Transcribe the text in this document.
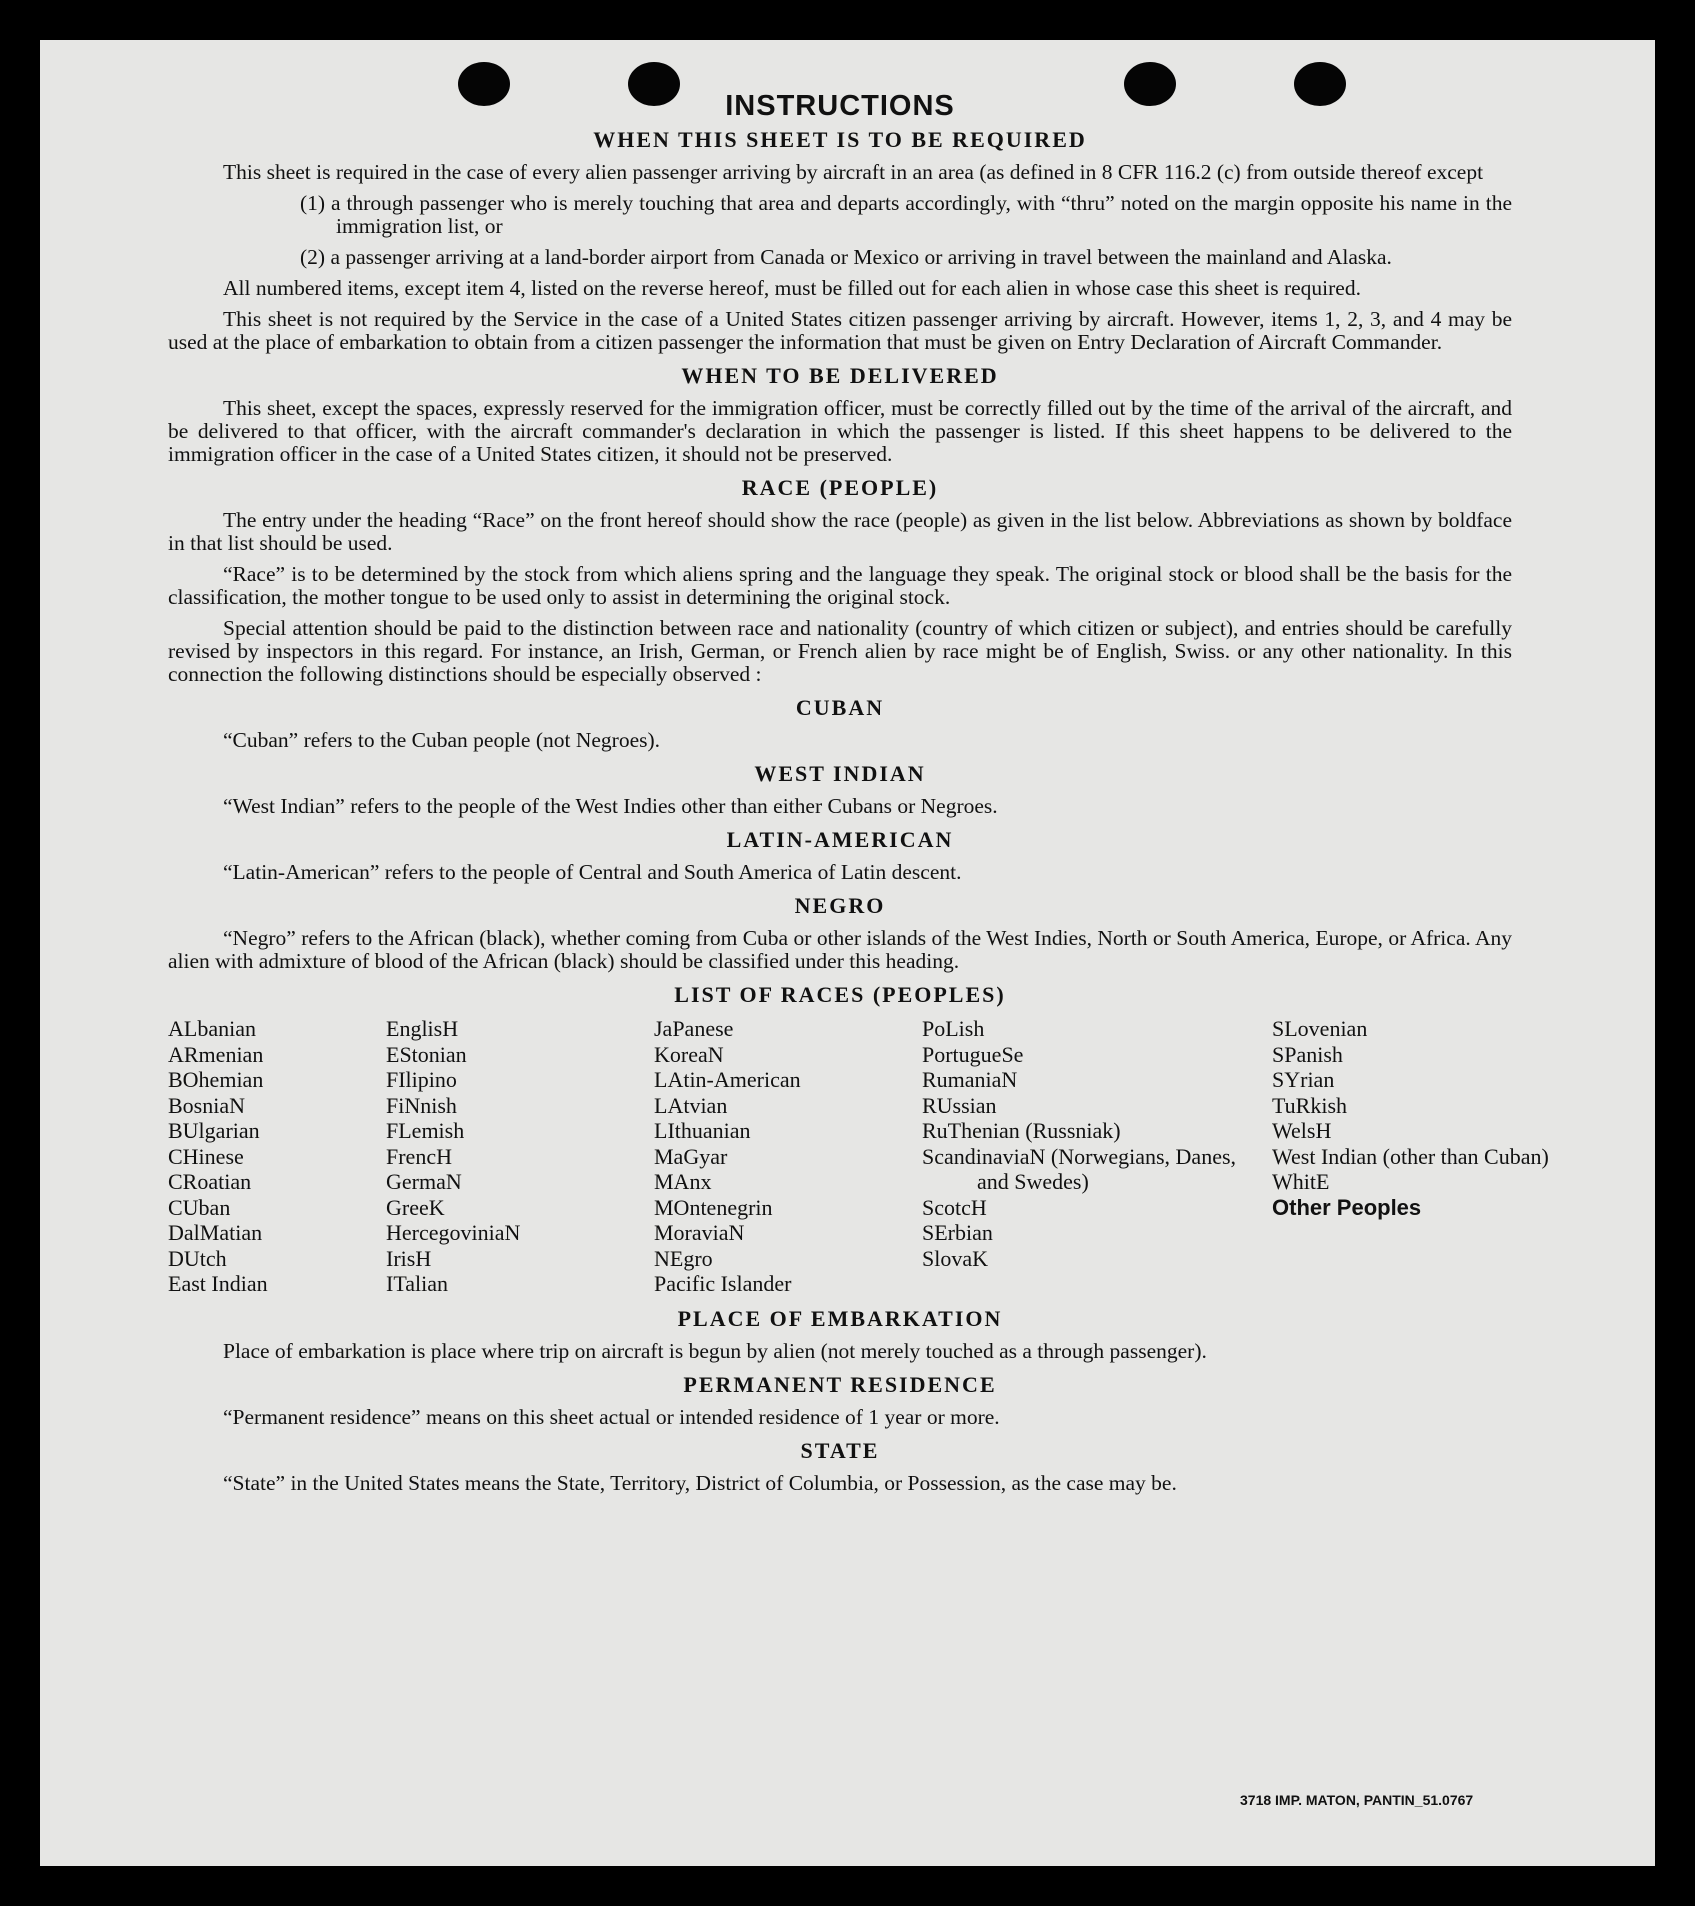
INSTRUCTIONS
WHEN THIS SHEET IS TO BE REQUIRED

This sheet is required in the case of every alien passenger arriving by aircraft in an area (as defined in 8 CFR 116.2 (c) from outside thereof except

(1) a through passenger who is merely touching that area and departs accordingly, with “thru” noted on the margin opposite his name in the immigration list, or
(2) a passenger arriving at a land-border airport from Canada or Mexico or arriving in travel between the mainland and Alaska.

All numbered items, except item 4, listed on the reverse hereof, must be filled out for each alien in whose case this sheet is required.

This sheet is not required by the Service in the case of a United States citizen passenger arriving by aircraft. However, items 1, 2, 3, and 4 may be used at the place of embarkation to obtain from a citizen passenger the information that must be given on Entry Declaration of Aircraft Commander.

WHEN TO BE DELIVERED

This sheet, except the spaces, expressly reserved for the immigration officer, must be correctly filled out by the time of the arrival of the aircraft, and be delivered to that officer, with the aircraft commander's declaration in which the passenger is listed. If this sheet happens to be delivered to the immigration officer in the case of a United States citizen, it should not be preserved.

RACE (PEOPLE)

The entry under the heading “Race” on the front hereof should show the race (people) as given in the list below. Abbreviations as shown by boldface in that list should be used.

“Race” is to be determined by the stock from which aliens spring and the language they speak. The original stock or blood shall be the basis for the classification, the mother tongue to be used only to assist in determining the original stock.

Special attention should be paid to the distinction between race and nationality (country of which citizen or subject), and entries should be carefully revised by inspectors in this regard. For instance, an Irish, German, or French alien by race might be of English, Swiss. or any other nationality. In this connection the following distinctions should be especially observed :

CUBAN

“Cuban” refers to the Cuban people (not Negroes).

WEST INDIAN

“West Indian” refers to the people of the West Indies other than either Cubans or Negroes.

LATIN-AMERICAN

“Latin-American” refers to the people of Central and South America of Latin descent.

NEGRO

“Negro” refers to the African (black), whether coming from Cuba or other islands of the West Indies, North or South America, Europe, or Africa. Any alien with admixture of blood of the African (black) should be classified under this heading.

LIST OF RACES (PEOPLES)
ALbanian
ARmenian
BOhemian
BosniaN
BUlgarian
CHinese
CRoatian
CUban
DalMatian
DUtch
East Indian
EnglisH
EStonian
FIlipino
FiNnish
FLemish
FrencH
GermaN
GreeK
HercegoviniaN
IrisH
ITalian
JaPanese
KoreaN
LAtin-American
LAtvian
LIthuanian
MaGyar
MAnx
MOntenegrin
MoraviaN
NEgro
Pacific Islander
PoLish
PortugueSe
RumaniaN
RUssian
RuThenian (Russniak)
ScandinaviaN (Norwegians, Danes, and Swedes)
ScotcH
SErbian
SlovaK
SLovenian
SPanish
SYrian
TuRkish
WelsH
West Indian (other than Cuban)
WhitE
Other Peoples
PLACE OF EMBARKATION

Place of embarkation is place where trip on aircraft is begun by alien (not merely touched as a through passenger).

PERMANENT RESIDENCE

“Permanent residence” means on this sheet actual or intended residence of 1 year or more.

STATE

“State” in the United States means the State, Territory, District of Columbia, or Possession, as the case may be.

3718 IMP. MATON, PANTIN_51.0767
